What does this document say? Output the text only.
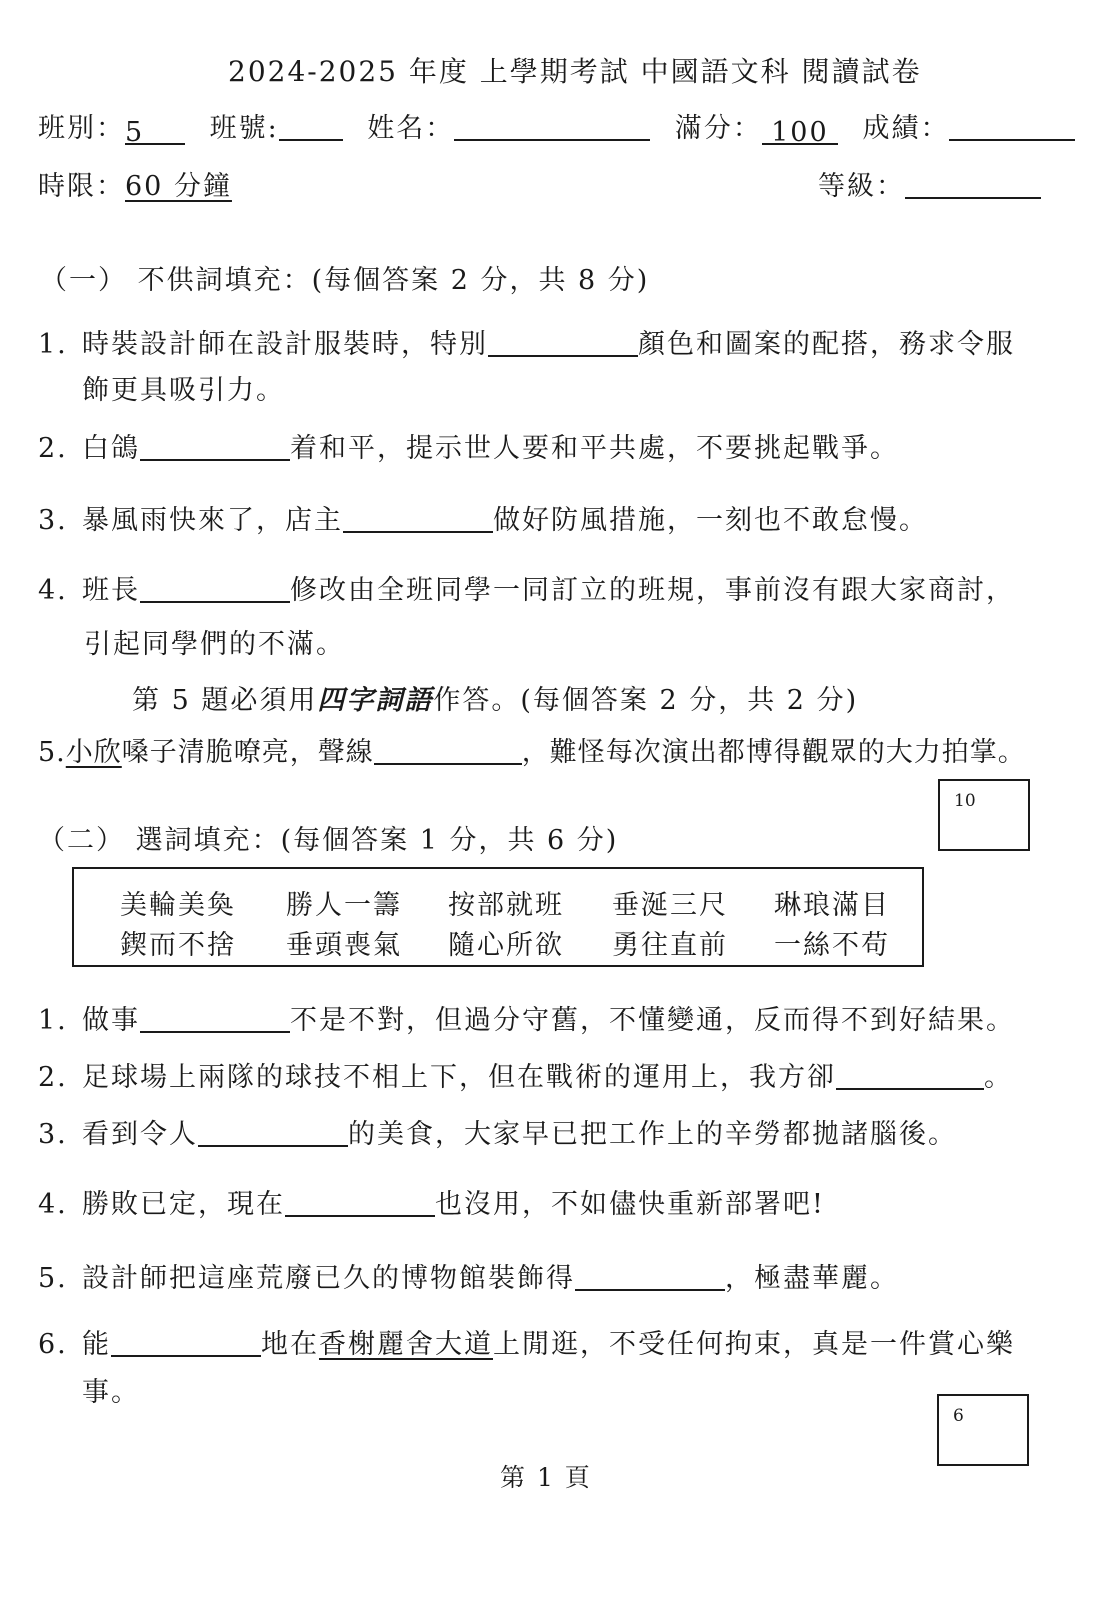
2024-2025 年度 上學期考試 中國語文科 閱讀試卷
班別：5 班號:	姓名：	滿分： 100 成績：
時限：60 分鐘	等級：
（一） 不供詞填充：(每個答案 2 分，共 8 分)
1. 時裝設計師在設計服裝時，特別	顏色和圖案的配搭，務求令服
飾更具吸引力。
2. 白鴿	着和平，提示世人要和平共處，不要挑起戰爭。
3. 暴風雨快來了，店主	做好防風措施，一刻也不敢怠慢。
4. 班長	修改由全班同學一同訂立的班規，事前沒有跟大家商討，
引起同學們的不滿。
第 5 題必須用四字詞語作答。(每個答案 2 分，共 2 分)
5.小欣嗓子清脆嘹亮，聲線	，難怪每次演出都博得觀眾的大力拍掌。
10
（二） 選詞填充：(每個答案 1 分，共 6 分)
美輪美奐 勝人一籌 按部就班 垂涎三尺 琳琅滿目
鍥而不捨 垂頭喪氣 隨心所欲 勇往直前 一絲不苟
1. 做事	不是不對，但過分守舊，不懂變通，反而得不到好結果。
2. 足球場上兩隊的球技不相上下，但在戰術的運用上，我方卻	。
3. 看到令人	的美食，大家早已把工作上的辛勞都拋諸腦後。
4. 勝敗已定，現在	也沒用，不如儘快重新部署吧!
5. 設計師把這座荒廢已久的博物館裝飾得	，極盡華麗。
6. 能	地在香榭麗舍大道上閒逛，不受任何拘束，真是一件賞心樂
事。
6
第 1 頁
